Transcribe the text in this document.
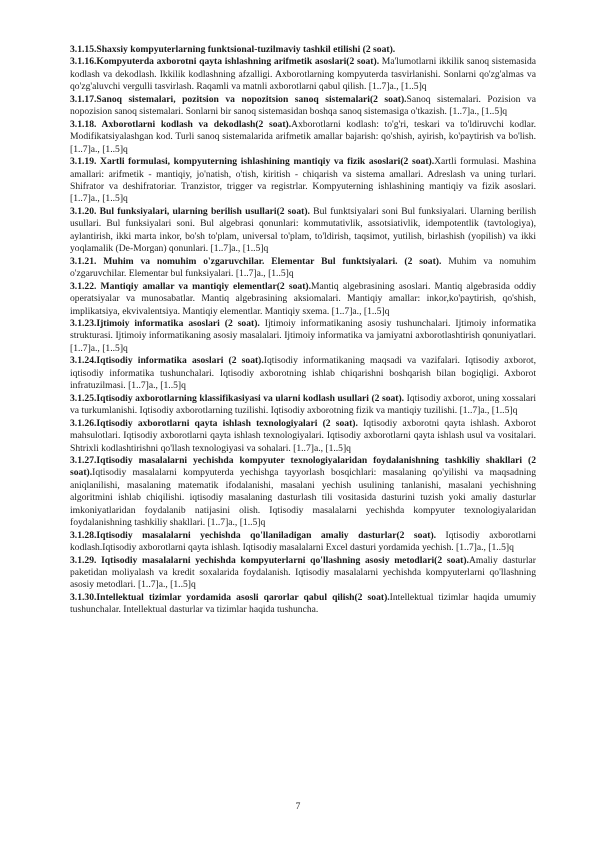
3.1.15.Shaxsiy kompyuterlarning funktsional-tuzilmaviy tashkil etilishi (2 soat).

3.1.16.Kompyuterda axborotni qayta ishlashning arifmetik asoslari(2 soat). Ma'lumotlarni ikkilik sanoq sistemasida kodlash va dekodlash. Ikkilik kodlashning afzalligi. Axborotlarning kompyuterda tasvirlanishi. Sonlarni qo'zg'almas va qo'zg'aluvchi vergulli tasvirlash. Raqamli va matnli axborotlarni qabul qilish. [1..7]a., [1..5]q

3.1.17.Sanoq sistemalari, pozitsion va nopozitsion sanoq sistemalari(2 soat).Sanoq sistemalari. Pozision va nopozision sanoq sistemalari. Sonlarni bir sanoq sistemasidan boshqa sanoq sistemasiga o'tkazish. [1..7]a., [1..5]q

3.1.18. Axborotlarni kodlash va dekodlash(2 soat).Axborotlarni kodlash: to'g'ri, teskari va to'ldiruvchi kodlar. Modifikatsiyalashgan kod. Turli sanoq sistemalarida arifmetik amallar bajarish: qo'shish, ayirish, ko'paytirish va bo'lish. [1..7]a., [1..5]q

3.1.19. Xartli formulasi, kompyuterning ishlashining mantiqiy va fizik asoslari(2 soat).Xartli formulasi. Mashina amallari: arifmetik - mantiqiy, jo'natish, o'tish, kiritish - chiqarish va sistema amallari. Adreslash va uning turlari. Shifrator va deshifratoriar. Tranzistor, trigger va registrlar. Kompyuterning ishlashining mantiqiy va fizik asoslari. [1..7]a., [1..5]q

3.1.20. Bul funksiyalari, ularning berilish usullari(2 soat). Bul funktsiyalari soni Bul funksiyalari. Ularning berilish usullari. Bul funksiyalari soni. Bul algebrasi qonunlari: kommutativlik, assotsiativlik, idempotentlik (tavtologiya), aylantirish, ikki marta inkor, bo'sh to'plam, universal to'plam, to'ldirish, taqsimot, yutilish, birlashish (yopilish) va ikki yoqlamalik (De-Morgan) qonunlari. [1..7]a., [1..5]q

3.1.21. Muhim va nomuhim o'zgaruvchilar. Elementar Bul funktsiyalari. (2 soat). Muhim va nomuhim o'zgaruvchilar. Elementar bul funksiyalari. [1..7]a., [1..5]q

3.1.22. Mantiqiy amallar va mantiqiy elementlar(2 soat).Mantiq algebrasining asoslari. Mantiq algebrasida oddiy operatsiyalar va munosabatlar. Mantiq algebrasining aksiomalari. Mantiqiy amallar: inkor,ko'paytirish, qo'shish, implikatsiya, ekvivalentsiya. Mantiqiy elementlar. Mantiqiy sxema. [1..7]a., [1..5]q

3.1.23.Ijtimoiy informatika asoslari (2 soat). Ijtimoiy informatikaning asosiy tushunchalari. Ijtimoiy informatika strukturasi. Ijtimoiy informatikaning asosiy masalalari. Ijtimoiy informatika va jamiyatni axborotlashtirish qonuniyatlari. [1..7]a., [1..5]q

3.1.24.Iqtisodiy informatika asoslari (2 soat).Iqtisodiy informatikaning maqsadi va vazifalari. Iqtisodiy axborot, iqtisodiy informatika tushunchalari. Iqtisodiy axborotning ishlab chiqarishni boshqarish bilan bogiqligi. Axborot infratuzilmasi. [1..7]a., [1..5]q

3.1.25.Iqtisodiy axborotlarning klassifikasiyasi va ularni kodlash usullari (2 soat). Iqtisodiy axborot, uning xossalari va turkumlanishi. Iqtisodiy axborotlarning tuzilishi. Iqtisodiy axborotning fizik va mantiqiy tuzilishi. [1..7]a., [1..5]q

3.1.26.Iqtisodiy axborotlarni qayta ishlash texnologiyalari (2 soat). Iqtisodiy axborotni qayta ishlash. Axborot mahsulotlari. Iqtisodiy axborotlarni qayta ishlash texnologiyalari. Iqtisodiy axborotlarni qayta ishlash usul va vositalari. Shtrixli kodlashtirishni qo'llash texnologiyasi va sohalari. [1..7]a., [1..5]q

3.1.27.Iqtisodiy masalalarni yechishda kompyuter texnologiyalaridan foydalanishning tashkiliy shakllari (2 soat).Iqtisodiy masalalarni kompyuterda yechishga tayyorlash bosqichlari: masalaning qo'yilishi va maqsadning aniqlanilishi, masalaning matematik ifodalanishi, masalani yechish usulining tanlanishi, masalani yechishning algoritmini ishlab chiqilishi. iqtisodiy masalaning dasturlash tili vositasida dasturini tuzish yoki amaliy dasturlar imkoniyatlaridan foydalanib natijasini olish. Iqtisodiy masalalarni yechishda kompyuter texnologiyalaridan foydalanishning tashkiliy shakllari. [1..7]a., [1..5]q

3.1.28.Iqtisodiy masalalarni yechishda qo'llaniladigan amaliy dasturlar(2 soat). Iqtisodiy axborotlarni kodlash.Iqtisodiy axborotlarni qayta ishlash. Iqtisodiy masalalarni Excel dasturi yordamida yechish. [1..7]a., [1..5]q

3.1.29. Iqtisodiy masalalarni yechishda kompyuterlarni qo'llashning asosiy metodlari(2 soat).Amaliy dasturlar paketidan moliyalash va kredit soxalarida foydalanish. Iqtisodiy masalalarni yechishda kompyuterlarni qo'llashning asosiy metodlari. [1..7]a., [1..5]q

3.1.30.Intellektual tizimlar yordamida asosli qarorlar qabul qilish(2 soat).Intellektual tizimlar haqida umumiy tushunchalar. Intellektual dasturlar va tizimlar haqida tushuncha.

7
